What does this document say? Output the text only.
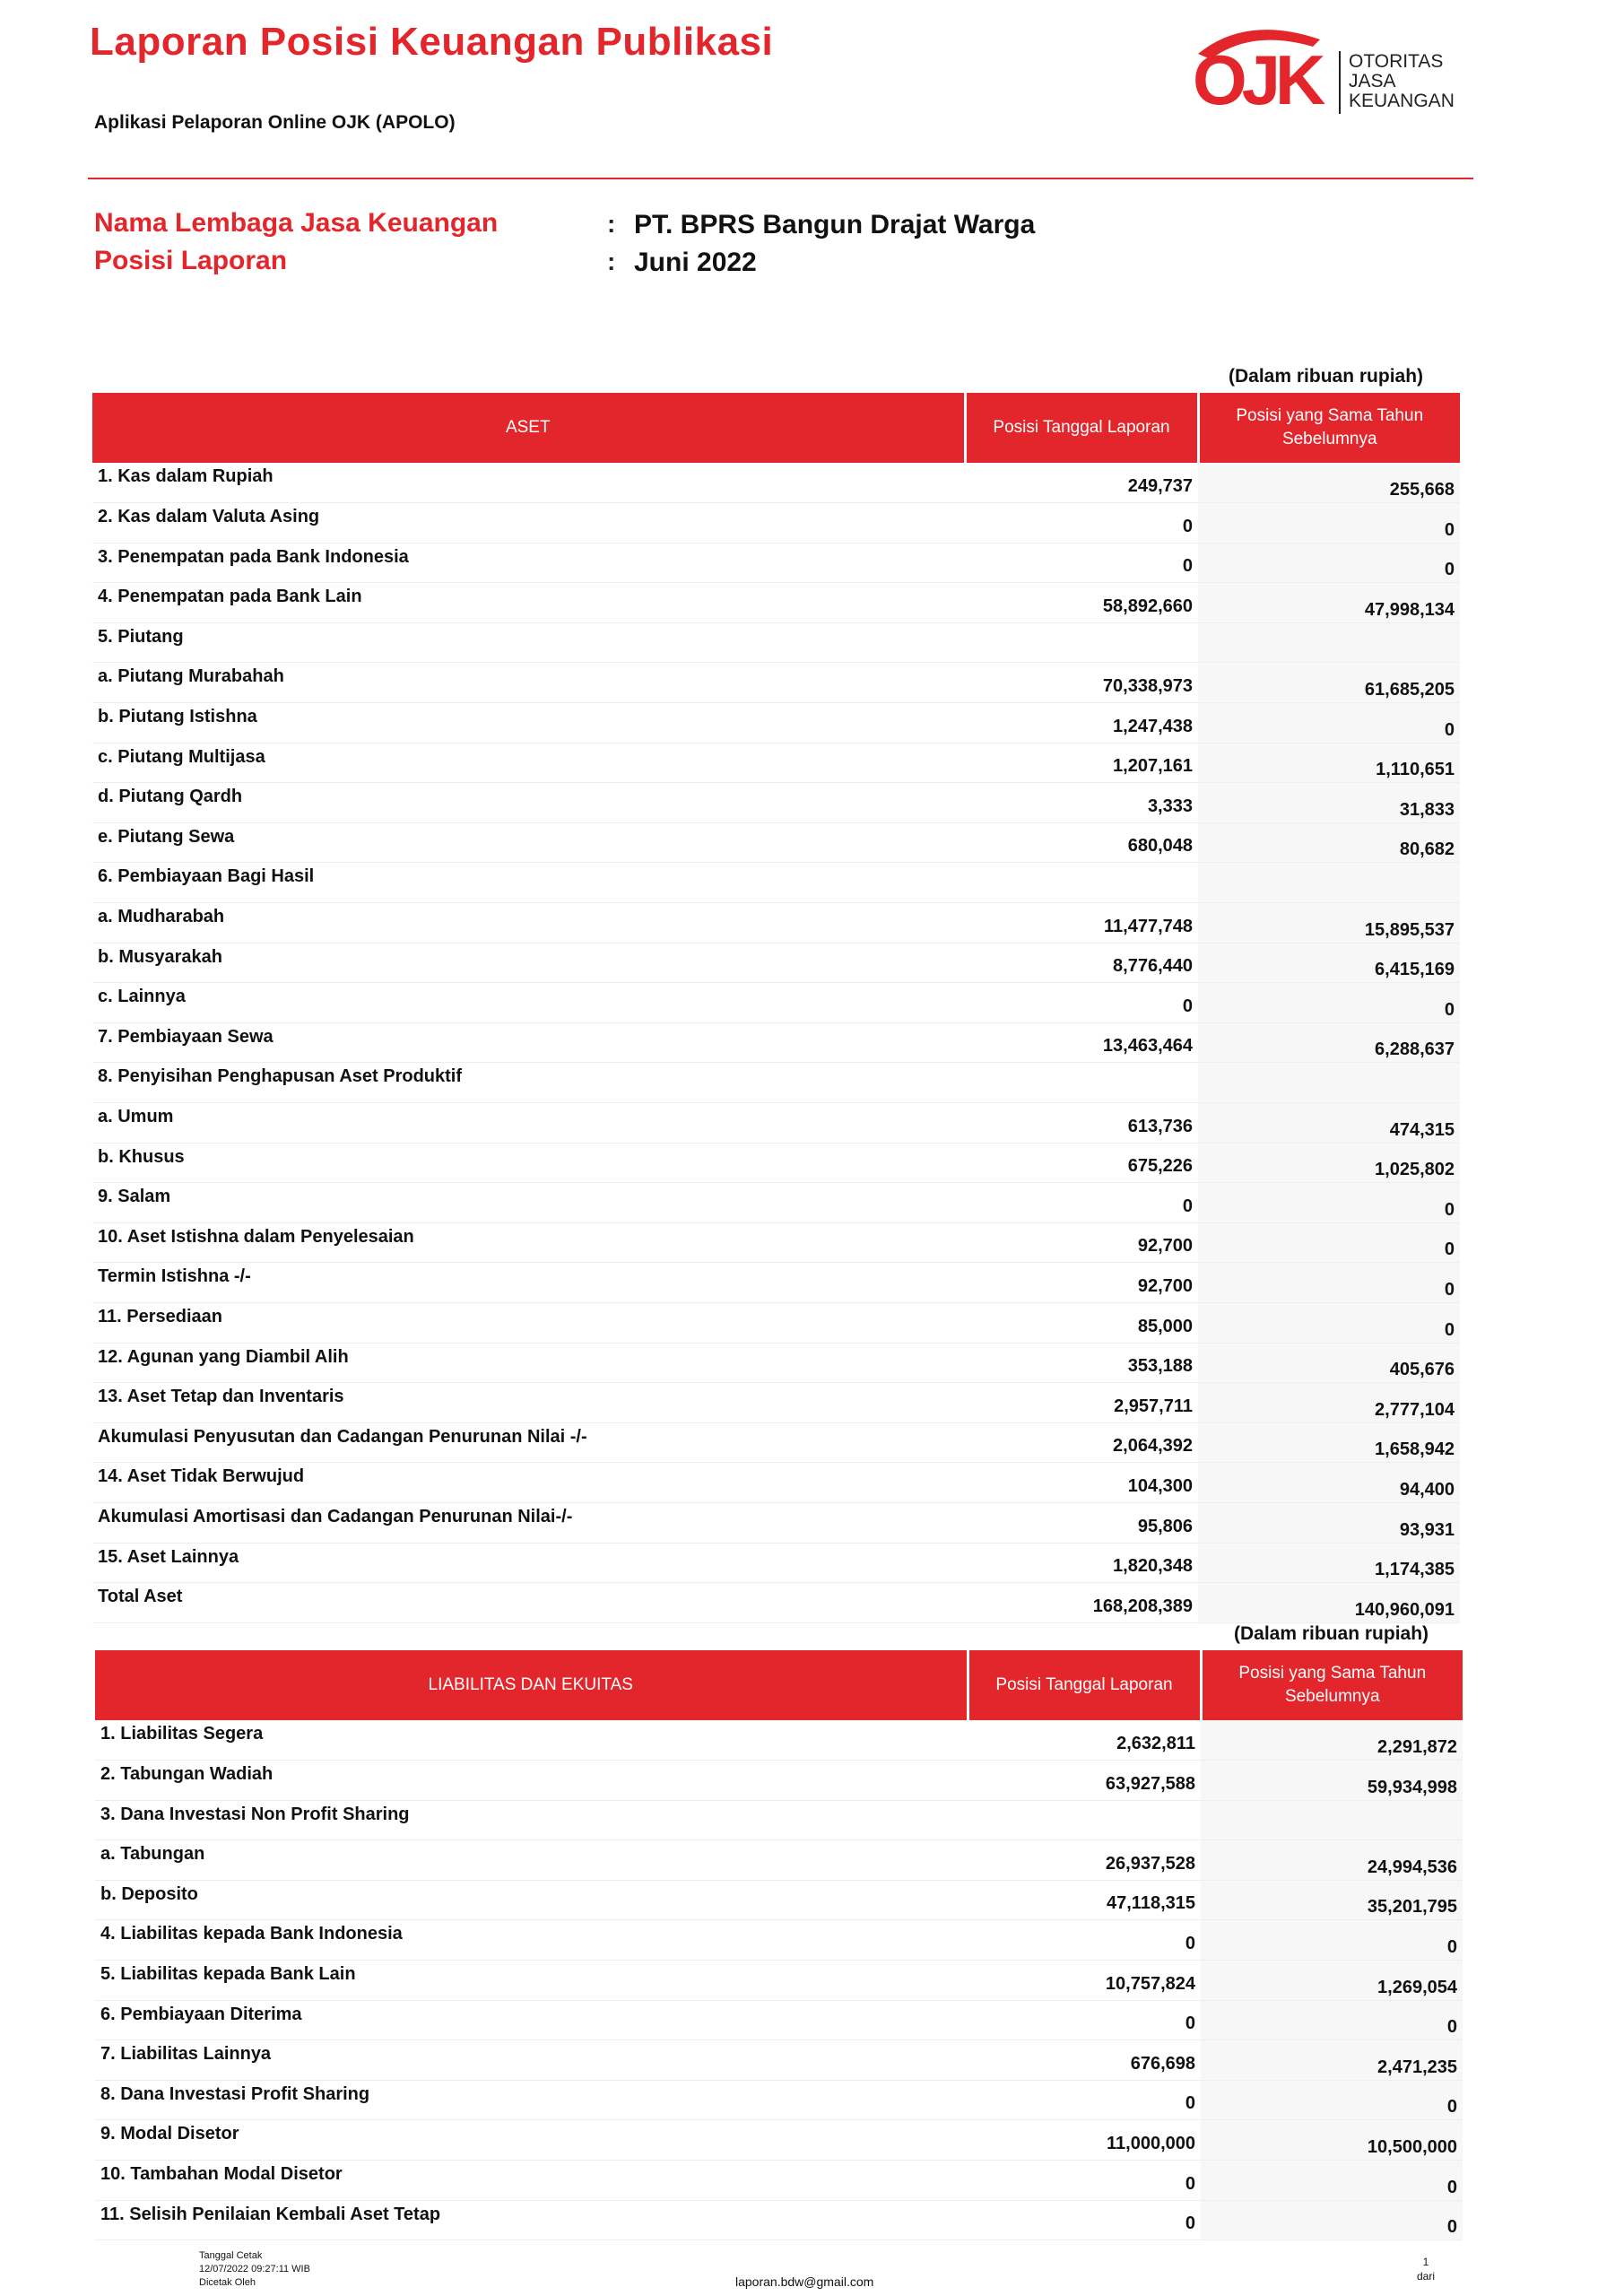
Laporan Posisi Keuangan Publikasi
Aplikasi Pelaporan Online OJK (APOLO)
OJK OTORITAS
JASA
KEUANGAN
Nama Lembaga Jasa Keuangan	: PT. BPRS Bangun Drajat Warga
Posisi Laporan	: Juni 2022
(Dalam ribuan rupiah)
ASET	Posisi Tanggal Laporan	Posisi yang Sama Tahun Sebelumnya
1. Kas dalam Rupiah	249,737	255,668
2. Kas dalam Valuta Asing	0	0
3. Penempatan pada Bank Indonesia	0	0
4. Penempatan pada Bank Lain	58,892,660	47,998,134
5. Piutang		
a. Piutang Murabahah	70,338,973	61,685,205
b. Piutang Istishna	1,247,438	0
c. Piutang Multijasa	1,207,161	1,110,651
d. Piutang Qardh	3,333	31,833
e. Piutang Sewa	680,048	80,682
6. Pembiayaan Bagi Hasil		
a. Mudharabah	11,477,748	15,895,537
b. Musyarakah	8,776,440	6,415,169
c. Lainnya	0	0
7. Pembiayaan Sewa	13,463,464	6,288,637
8. Penyisihan Penghapusan Aset Produktif		
a. Umum	613,736	474,315
b. Khusus	675,226	1,025,802
9. Salam	0	0
10. Aset Istishna dalam Penyelesaian	92,700	0
Termin Istishna -/-	92,700	0
11. Persediaan	85,000	0
12. Agunan yang Diambil Alih	353,188	405,676
13. Aset Tetap dan Inventaris	2,957,711	2,777,104
Akumulasi Penyusutan dan Cadangan Penurunan Nilai -/-	2,064,392	1,658,942
14. Aset Tidak Berwujud	104,300	94,400
Akumulasi Amortisasi dan Cadangan Penurunan Nilai-/-	95,806	93,931
15. Aset Lainnya	1,820,348	1,174,385
Total Aset	168,208,389	140,960,091
(Dalam ribuan rupiah)
LIABILITAS DAN EKUITAS	Posisi Tanggal Laporan	Posisi yang Sama Tahun Sebelumnya
1. Liabilitas Segera	2,632,811	2,291,872
2. Tabungan Wadiah	63,927,588	59,934,998
3. Dana Investasi Non Profit Sharing		
a. Tabungan	26,937,528	24,994,536
b. Deposito	47,118,315	35,201,795
4. Liabilitas kepada Bank Indonesia	0	0
5. Liabilitas kepada Bank Lain	10,757,824	1,269,054
6. Pembiayaan Diterima	0	0
7. Liabilitas Lainnya	676,698	2,471,235
8. Dana Investasi Profit Sharing	0	0
9. Modal Disetor	11,000,000	10,500,000
10. Tambahan Modal Disetor	0	0
11. Selisih Penilaian Kembali Aset Tetap	0	0
Tanggal Cetak
12/07/2022 09:27:11 WIB
Dicetak Oleh	laporan.bdw@gmail.com
1
dari
